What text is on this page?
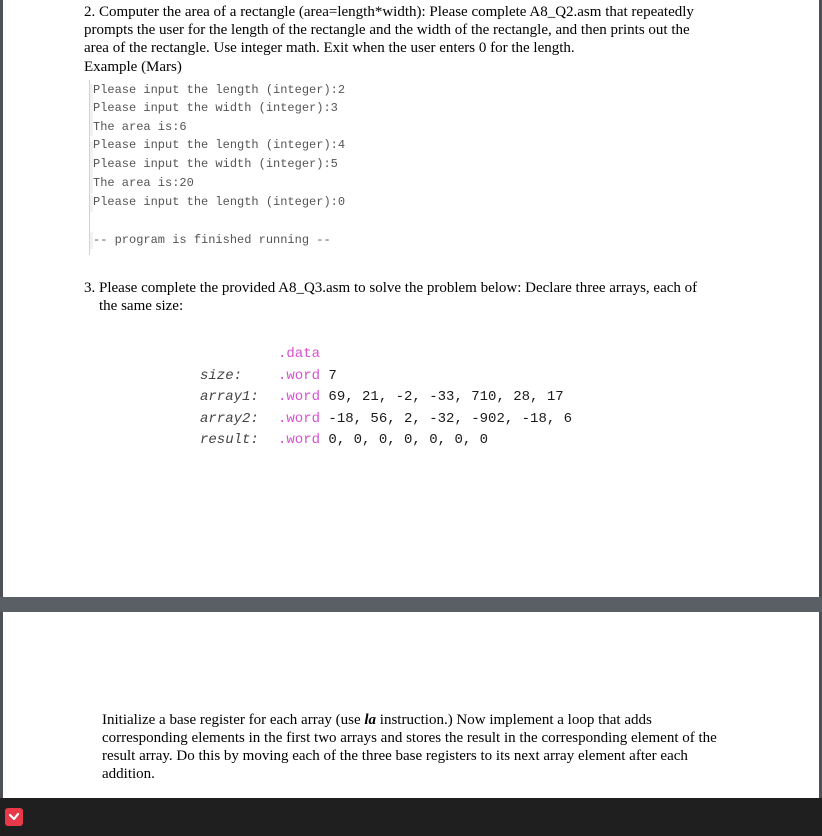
2. Computer the area of a rectangle (area=length*width): Please complete A8_Q2.asm that repeatedly
prompts the user for the length of the rectangle and the width of the rectangle, and then prints out the
area of the rectangle. Use integer math. Exit when the user enters 0 for the length.

Example (Mars)

Please input the length (integer):2
Please input the width (integer):3
The area is:6
Please input the length (integer):4
Please input the width (integer):5
The area is:20
Please input the length (integer):0
-- program is finished running --

3. Please complete the provided A8_Q3.asm to solve the problem below: Declare three arrays, each of
the same size:

.data
size:	.word 7
array1: .word 69, 21, -2, -33, 710, 28, 17
array2: .word -18, 56, 2, -32, -902, -18, 6
result: .word 0, 0, 0, 0, 0, 0, 0

Initialize a base register for each array (use la instruction.) Now implement a loop that adds
corresponding elements in the first two arrays and stores the result in the corresponding element of the
result array. Do this by moving each of the three base registers to its next array element after each
addition.
